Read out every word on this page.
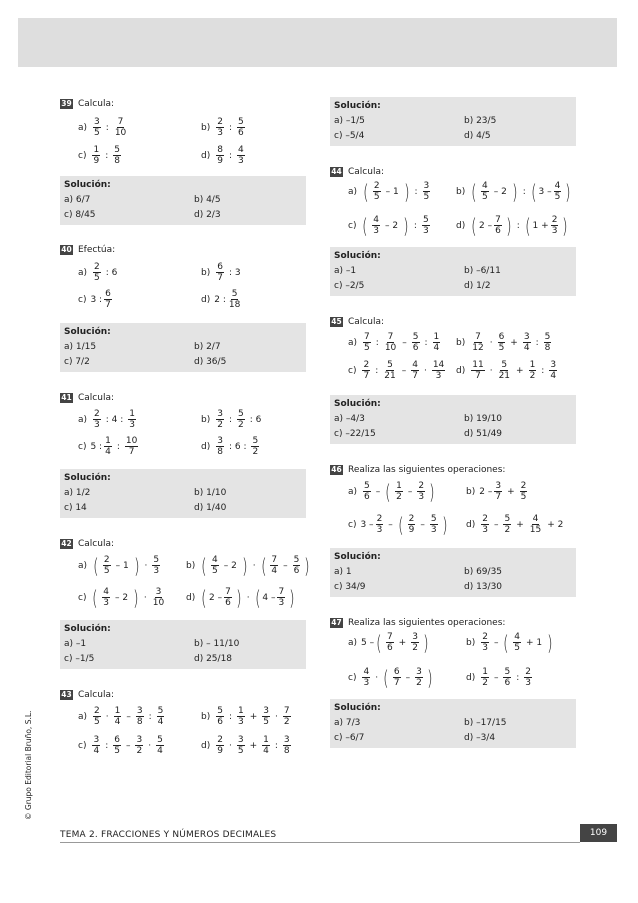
© Grupo Editorial Bruño, S.L.
39 Calcula:
$a) \frac{3}{5}$ : $\frac{7}{10}$	$b) \frac{2}{3}$ : $\frac{5}{6}$
$c) \frac{1}{9}$ : $\frac{5}{8}$	$d) \frac{8}{9}$ : $\frac{4}{3}$
Solución:
a) 6/7	b) 4/5
c) 8/45	d) 2/3
40 Efectúa:
$a) \frac{2}{5}$ : 6	$b) \frac{6}{7}$ : 3
c) 3 : $\frac{6}{7}$	d) 2 : $\frac{5}{18}$
Solución:
a) 1/15	b) 2/7
c) 7/2	d) 36/5
41 Calcula:
$a) \frac{2}{3}$ : 4 : $\frac{1}{3}$	$b) \frac{3}{2}$ : $\frac{5}{2}$ : 6
c) 5 : $\frac{1}{4}$ : $\frac{10}{7}$	$d) \frac{3}{8}$ : 6 : $\frac{5}{2}$
Solución:
a) 1/2	b) 1/10
c) 14	d) 1/40
42 Calcula:
a) ( $\frac{2}{5} - 1$ ) · $\frac{5}{3}$	b) ( $\frac{4}{5} - 2$ ) · ( $\frac{7}{4} - \frac{5}{6}$ )
c) ( $\frac{4}{3} - 2$ ) · $\frac{3}{10} d$) ( $2 - \frac{7}{6}$ ) · ( $4 - \frac{7}{3}$ )
Solución:
a) –1	b) – 11/10
c) –1/5	d) 25/18
43 Calcula:
$a) \frac{2}{5} \cdot \frac{1}{4} - \frac{3}{8}$ : $\frac{5}{4}$	$b) \frac{5}{6}$ : $\frac{1}{3} + \frac{3}{5} \cdot \frac{7}{2}$
$c) \frac{3}{4}$ : $\frac{6}{5} - \frac{3}{2} \cdot \frac{5}{4}$	$d) \frac{2}{9} \cdot \frac{3}{5} + \frac{1}{4}$ : $\frac{3}{8}$
Solución:
a) –1/5	b) 23/5
c) –5/4	d) 4/5
44 Calcula:
a) ( $\frac{2}{5} - 1$ ) : $\frac{3}{5}$	b) ( $\frac{4}{5} - 2$ ) : ( $3 - \frac{4}{5}$ )
c) ( $\frac{4}{3} - 2$ ) : $\frac{5}{3}$	d) ( $2 - \frac{7}{6}$ ) : ( $1 + \frac{2}{3}$ )
Solución:
a) –1	b) –6/11
c) –2/5	d) 1/2
45 Calcula:
$a) \frac{7}{5}$ : $\frac{7}{10} - \frac{5}{6}$ : $\frac{1}{4} b) \frac{7}{12} \cdot \frac{6}{5} + \frac{3}{4}$ : $\frac{5}{8}$
$c) \frac{2}{7}$ : $\frac{5}{21} - \frac{4}{7} \cdot \frac{14}{3} d) \frac{11}{7} \cdot \frac{5}{21} + \frac{1}{2}$ : $\frac{3}{4}$
Solución:
a) –4/3	b) 19/10
c) –22/15	d) 51/49
46 Realiza las siguientes operaciones:
$a) \frac{5}{6}$ – ( $\frac{1}{2} - \frac{2}{3}$ )	b) $2 - \frac{3}{7} + \frac{2}{5}$
c) $3 - \frac{2}{3}$ – ( $\frac{2}{9} - \frac{5}{3}$ ) $d) \frac{2}{3} - \frac{5}{2} + \frac{4}{15} + 2$
Solución:
a) 1	b) 69/35
c) 34/9	d) 13/30
47 Realiza las siguientes operaciones:
a) 5 – ( $\frac{7}{6} + \frac{3}{2}$ )	$b) \frac{2}{3}$ – ( $\frac{4}{5} + 1$ )
$c) \frac{4}{3}$ · ( $\frac{6}{7} - \frac{3}{2}$ )	$d) \frac{1}{2} - \frac{5}{6}$ : $\frac{2}{3}$
Solución:
a) 7/3	b) –17/15
c) –6/7	d) –3/4
TEMA 2. FRACCIONES Y NÚMEROS DECIMALES	109
